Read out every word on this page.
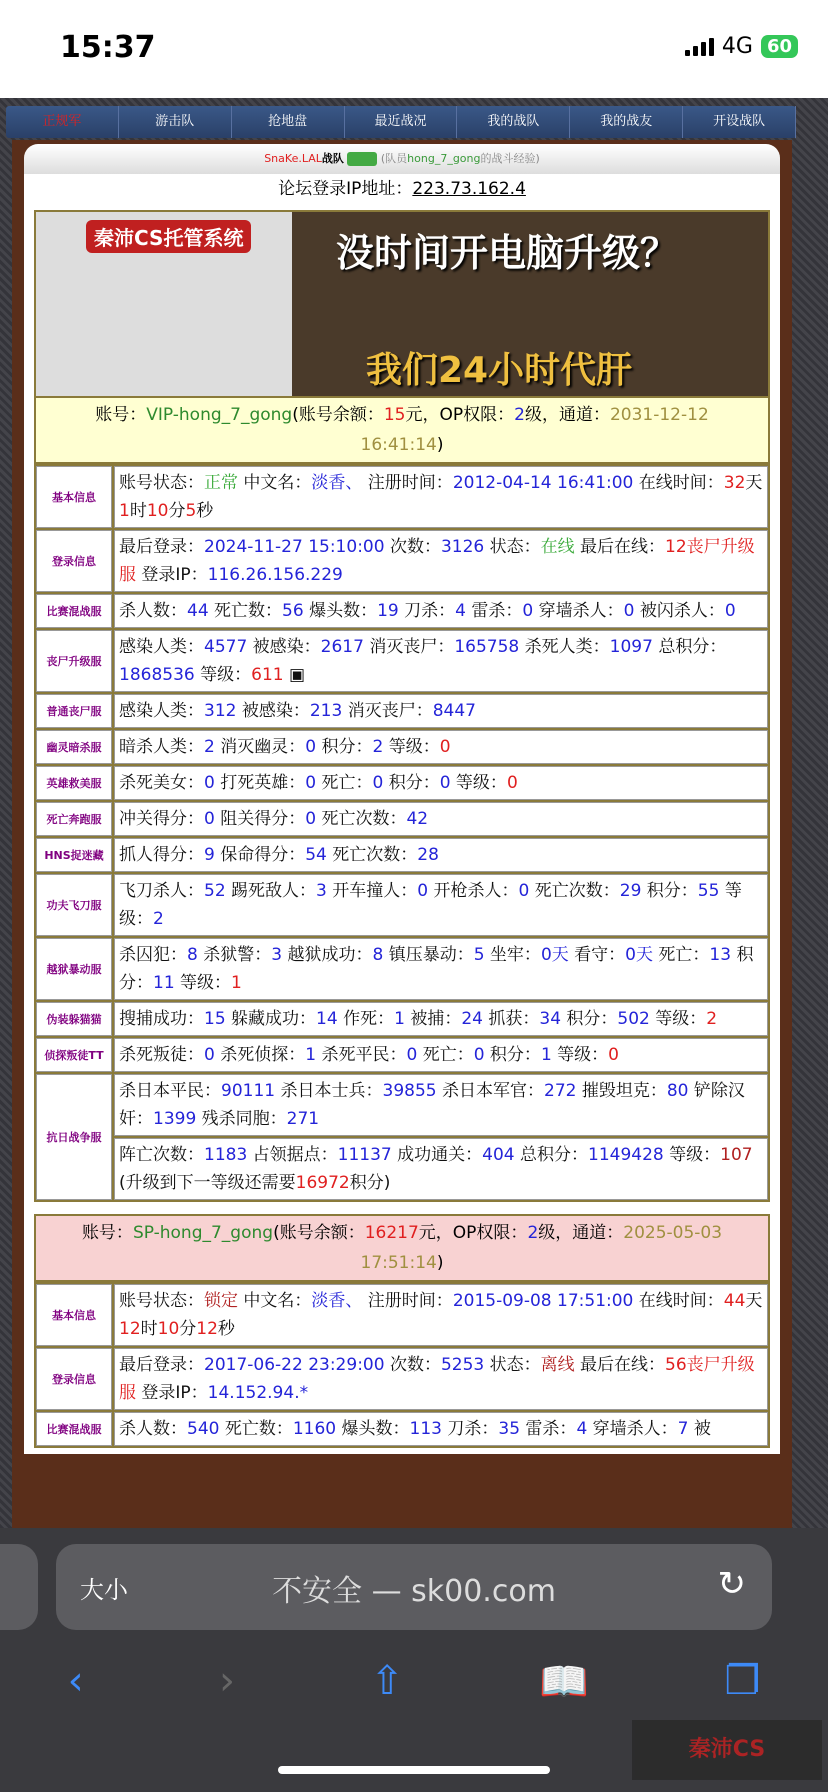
15:37	4G 60
正规军	游击队	抢地盘	最近战况	我的战队	我的战友	开设战队
SnaKe.LAL战队	(队员hong_7_gong的战斗经验)
论坛登录IP地址：223.73.162.4
秦沛CS托管系统 没时间开电脑升级？
我们24小时代肝
账号：VIP-hong_7_gong(账号余额：15元，OP权限：2级，通道：2031-12-12 16:41:14)
基本信息	账号状态：正常 中文名：淡香、 注册时间：2012-04-14 16:41:00 在线时间：32天1时10分5秒
登录信息	最后登录：2024-11-27 15:10:00 次数：3126 状态：在线 最后在线：12丧尸升级服 登录IP：116.26.156.229
比赛混战服	杀人数：44 死亡数：56 爆头数：19 刀杀：4 雷杀：0 穿墙杀人：0 被闪杀人：0
丧尸升级服	感染人类：4577 被感染：2617 消灭丧尸：165758 杀死人类：1097 总积分：1868536 等级：611 ▣
普通丧尸服	感染人类：312 被感染：213 消灭丧尸：8447
幽灵暗杀服	暗杀人类：2 消灭幽灵：0 积分：2 等级：0
英雄救美服	杀死美女：0 打死英雄：0 死亡：0 积分：0 等级：0
死亡奔跑服	冲关得分：0 阻关得分：0 死亡次数：42
HNS捉迷藏	抓人得分：9 保命得分：54 死亡次数：28
功夫飞刀服	飞刀杀人：52 踢死敌人：3 开车撞人：0 开枪杀人：0 死亡次数：29 积分：55 等级：2
越狱暴动服	杀囚犯：8 杀狱警：3 越狱成功：8 镇压暴动：5 坐牢：0天 看守：0天 死亡：13 积分：11 等级：1
伪装躲猫猫	搜捕成功：15 躲藏成功：14 作死：1 被捕：24 抓获：34 积分：502 等级：2
侦探叛徒TT	杀死叛徒：0 杀死侦探：1 杀死平民：0 死亡：0 积分：1 等级：0
抗日战争服	杀日本平民：90111 杀日本士兵：39855 杀日本军官：272 摧毁坦克：80 铲除汉奸：1399 残杀同胞：271
	阵亡次数：1183 占领据点：11137 成功通关：404 总积分：1149428 等级：107 (升级到下一等级还需要16972积分)
账号：SP-hong_7_gong(账号余额：16217元，OP权限：2级，通道：2025-05-03 17:51:14)
基本信息	账号状态：锁定 中文名：淡香、 注册时间：2015-09-08 17:51:00 在线时间：44天12时10分12秒
登录信息	最后登录：2017-06-22 23:29:00 次数：5253 状态：离线 最后在线：56丧尸升级服 登录IP：14.152.94.*
比赛混战服	杀人数：540 死亡数：1160 爆头数：113 刀杀：35 雷杀：4 穿墙杀人：7 被
大小	不安全 — sk00.com	↻
‹	›	⇧	📖	❐
秦沛CS
